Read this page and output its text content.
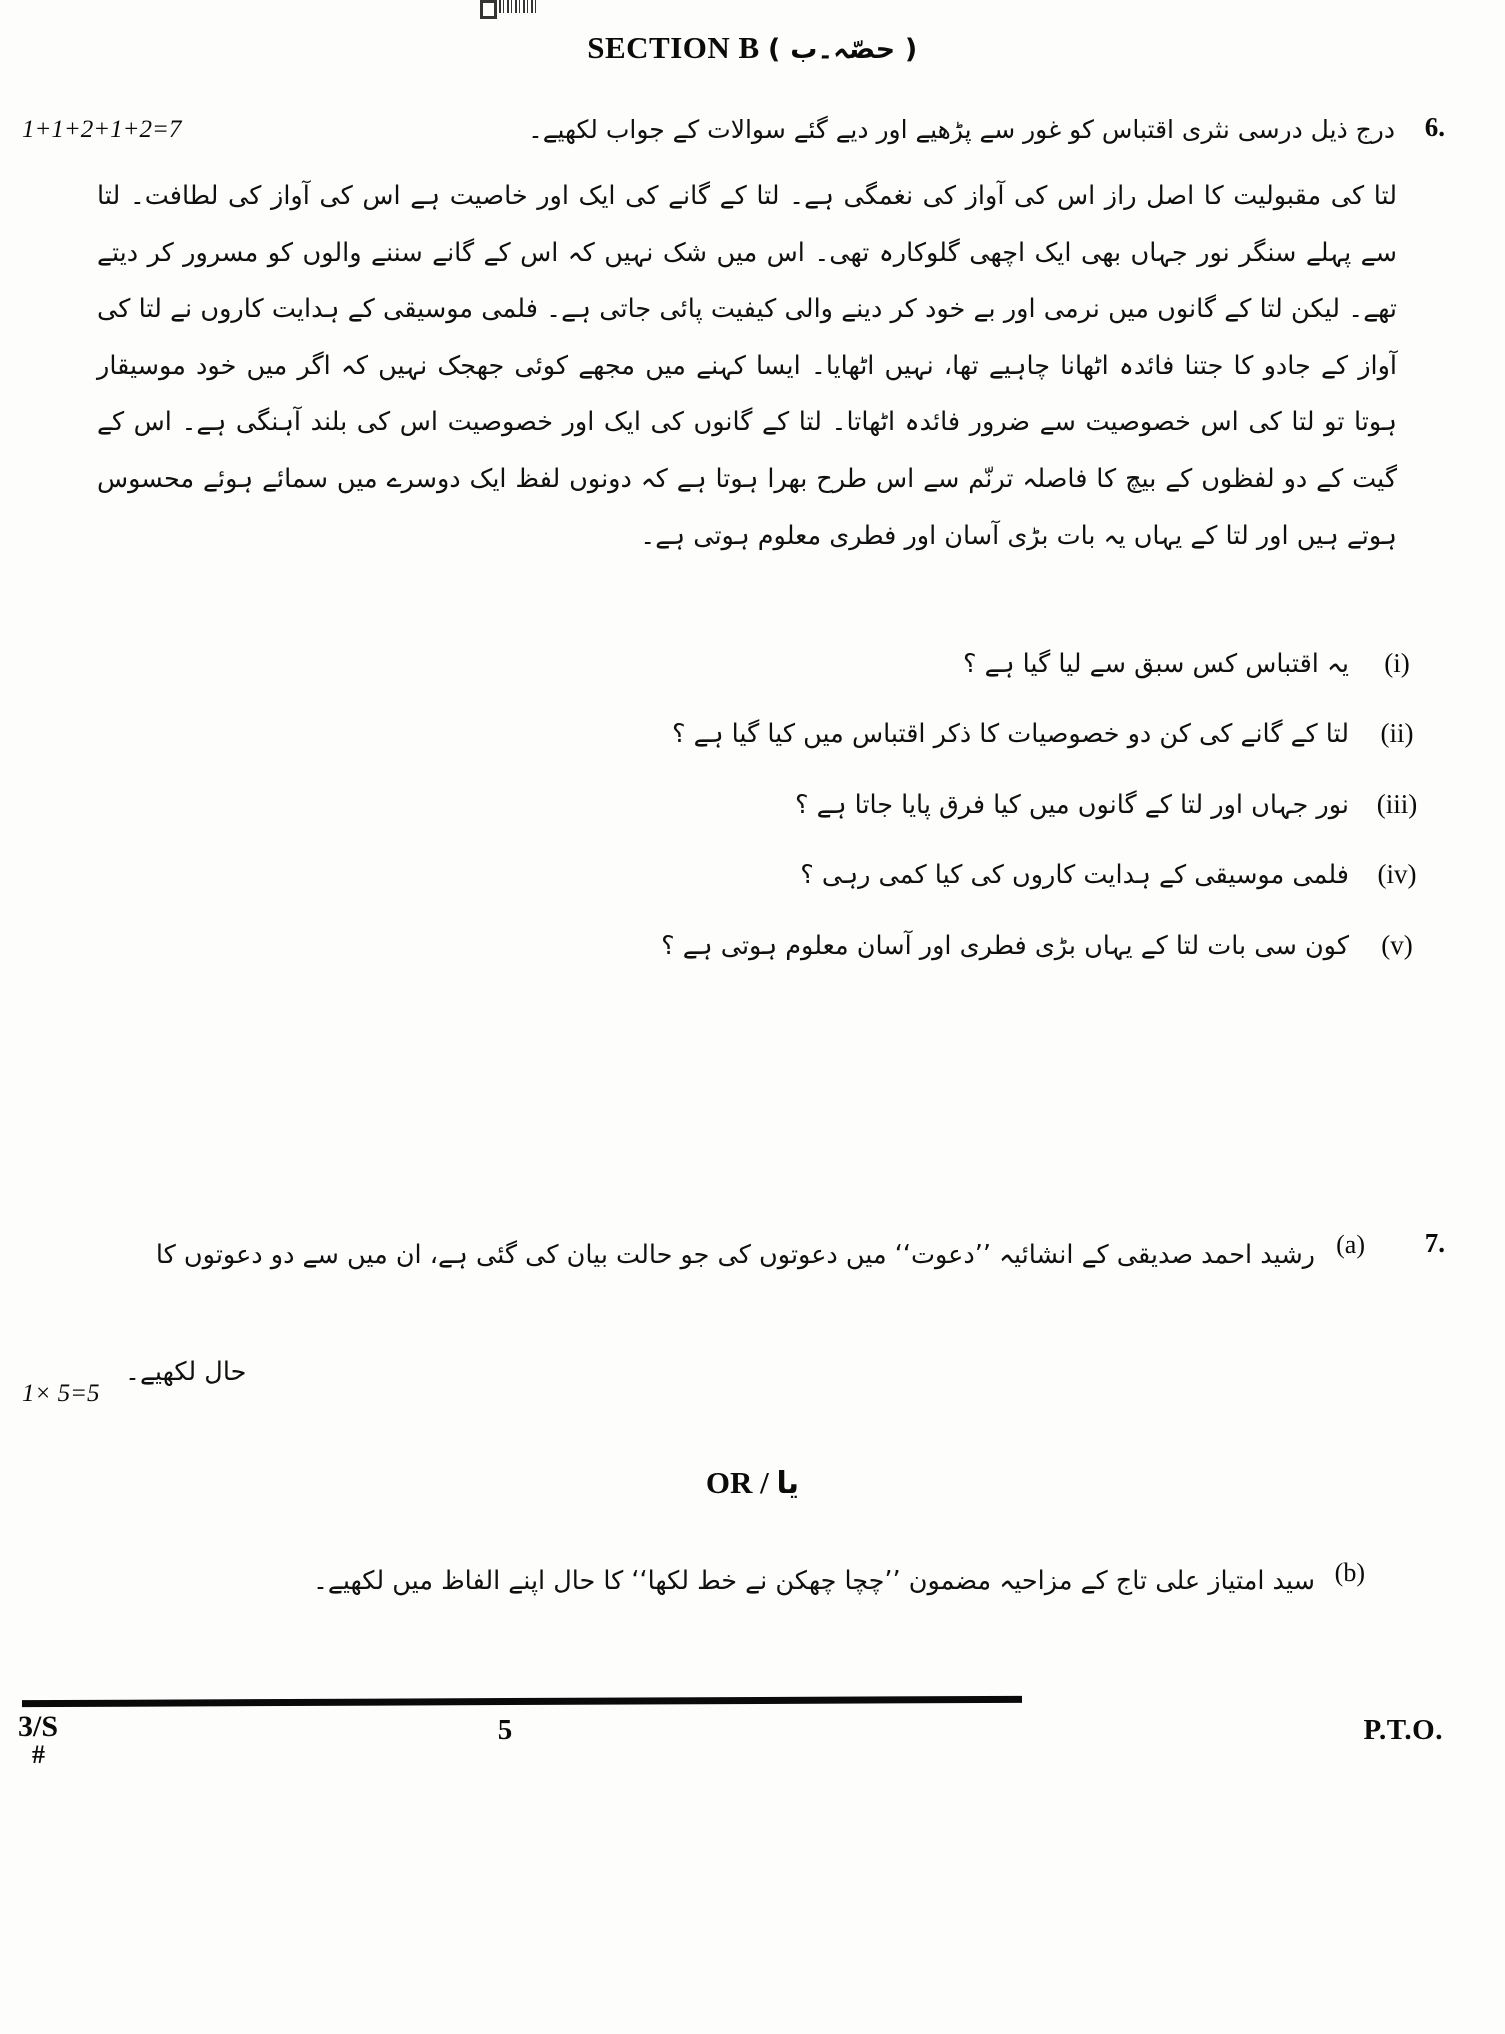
SECTION B ( حصّہ۔ب )
1+1+2+1+2=7	6.
درج ذیل درسی نثری اقتباس کو غور سے پڑھیے اور دیے گئے سوالات کے جواب لکھیے۔

لتا کی مقبولیت کا اصل راز اس کی آواز کی نغمگی ہے۔ لتا کے گانے کی ایک اور خاصیت ہے اس کی آواز کی لطافت۔ لتا سے پہلے سنگر نور جہاں بھی ایک اچھی گلوکارہ تھی۔ اس میں شک نہیں کہ اس کے گانے سننے والوں کو مسرور کر دیتے تھے۔ لیکن لتا کے گانوں میں نرمی اور بے خود کر دینے والی کیفیت پائی جاتی ہے۔ فلمی موسیقی کے ہدایت کاروں نے لتا کی آواز کے جادو کا جتنا فائدہ اٹھانا چاہیے تھا، نہیں اٹھایا۔ ایسا کہنے میں مجھے کوئی جھجک نہیں کہ اگر میں خود موسیقار ہوتا تو لتا کی اس خصوصیت سے ضرور فائدہ اٹھاتا۔ لتا کے گانوں کی ایک اور خصوصیت اس کی بلند آہنگی ہے۔ اس کے گیت کے دو لفظوں کے بیچ کا فاصلہ ترنّم سے اس طرح بھرا ہوتا ہے کہ دونوں لفظ ایک دوسرے میں سمائے ہوئے محسوس ہوتے ہیں اور لتا کے یہاں یہ بات بڑی آسان اور فطری معلوم ہوتی ہے۔

یہ اقتباس کس سبق سے لیا گیا ہے ؟	(i)
لتا کے گانے کی کن دو خصوصیات کا ذکر اقتباس میں کیا گیا ہے ؟	(ii)
نور جہاں اور لتا کے گانوں میں کیا فرق پایا جاتا ہے ؟	(iii)
فلمی موسیقی کے ہدایت کاروں کی کیا کمی رہی ؟	(iv)
کون سی بات لتا کے یہاں بڑی فطری اور آسان معلوم ہوتی ہے ؟	(v)
7.
(a)
رشید احمد صدیقی کے انشائیہ ’’دعوت‘‘ میں دعوتوں کی جو حالت بیان کی گئی ہے، ان میں سے دو دعوتوں کا
حال لکھیے۔
1× 5=5
OR / یا
(b)
سید امتیاز علی تاج کے مزاحیہ مضمون ’’چچا چھکن نے خط لکھا‘‘ کا حال اپنے الفاظ میں لکھیے۔
3/S
#
5	P.T.O.
